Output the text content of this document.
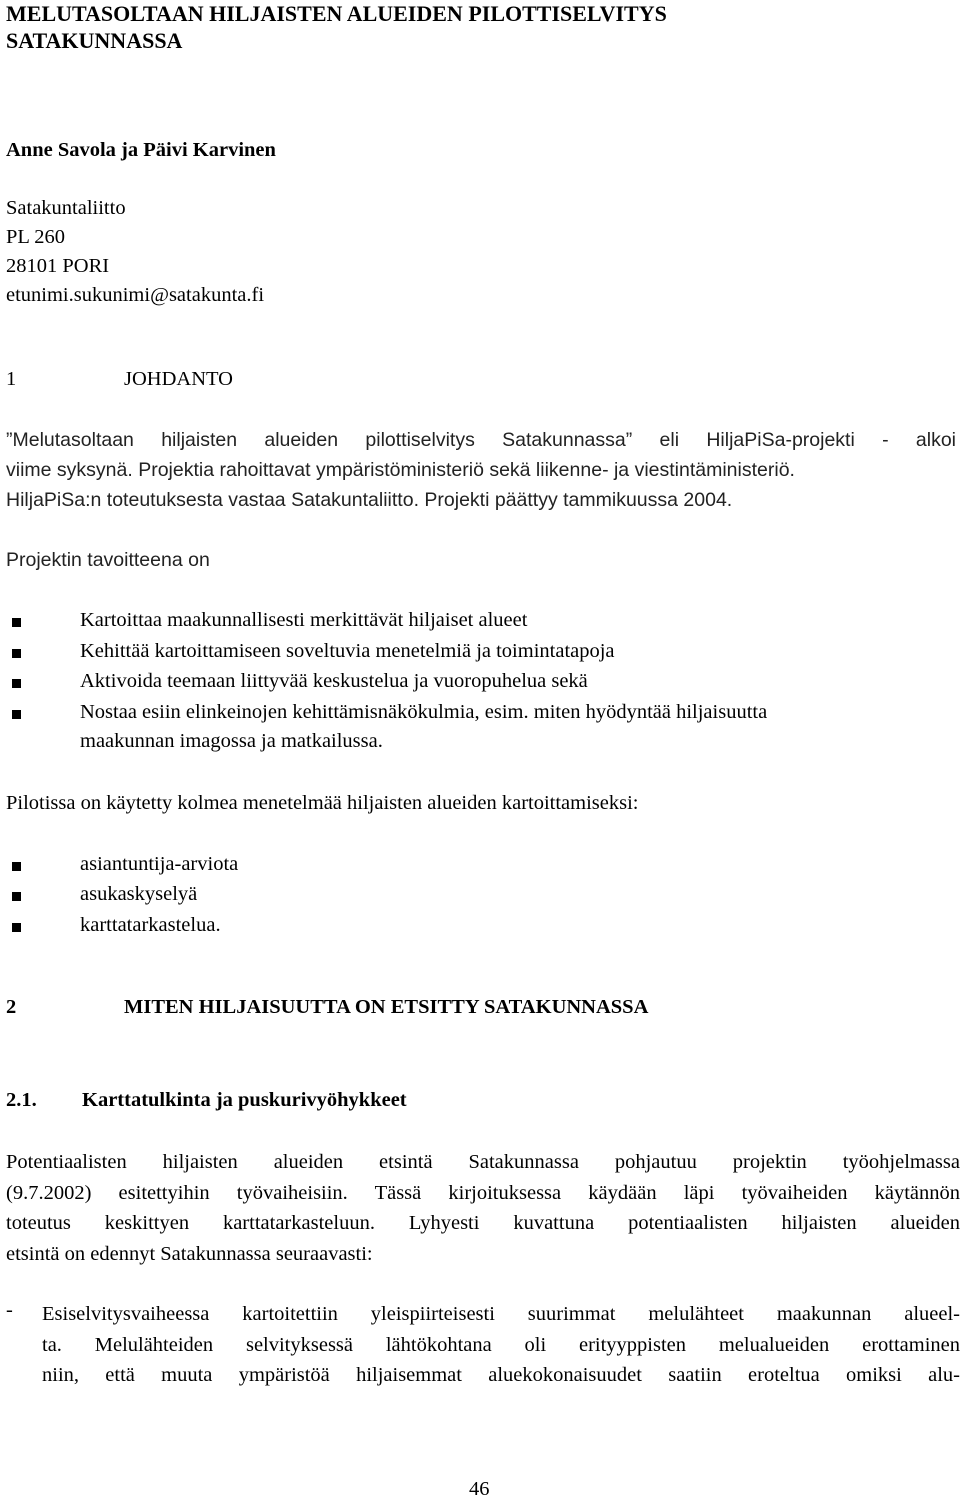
MELUTASOLTAAN HILJAISTEN ALUEIDEN PILOTTISELVITYS
SATAKUNNASSA
Anne Savola ja Päivi Karvinen
Satakuntaliitto
PL 260
28101 PORI
etunimi.sukunimi@satakunta.fi
1	JOHDANTO
”Melutasoltaan hiljaisten alueiden pilottiselvitys Satakunnassa” eli HiljaPiSa-projekti - alkoi
viime syksynä. Projektia rahoittavat ympäristöministeriö sekä liikenne- ja viestintäministeriö.
HiljaPiSa:n toteutuksesta vastaa Satakuntaliitto. Projekti päättyy tammikuussa 2004.
Projektin tavoitteena on
Kartoittaa maakunnallisesti merkittävät hiljaiset alueet
Kehittää kartoittamiseen soveltuvia menetelmiä ja toimintatapoja
Aktivoida teemaan liittyvää keskustelua ja vuoropuhelua sekä
Nostaa esiin elinkeinojen kehittämisnäkökulmia, esim. miten hyödyntää hiljaisuutta
maakunnan imagossa ja matkailussa.
Pilotissa on käytetty kolmea menetelmää hiljaisten alueiden kartoittamiseksi:
asiantuntija-arviota
asukaskyselyä
karttatarkastelua.
2	MITEN HILJAISUUTTA ON ETSITTY SATAKUNNASSA
2.1. Karttatulkinta ja puskurivyöhykkeet
Potentiaalisten hiljaisten alueiden etsintä Satakunnassa pohjautuu projektin työohjelmassa
(9.7.2002) esitettyihin työvaiheisiin. Tässä kirjoituksessa käydään läpi työvaiheiden käytännön
toteutus keskittyen karttatarkasteluun. Lyhyesti kuvattuna potentiaalisten hiljaisten alueiden
etsintä on edennyt Satakunnassa seuraavasti:
- Esiselvitysvaiheessa kartoitettiin yleispiirteisesti suurimmat melulähteet maakunnan alueel-
ta. Melulähteiden selvityksessä lähtökohtana oli erityyppisten melualueiden erottaminen
niin, että muuta ympäristöä hiljaisemmat aluekokonaisuudet saatiin eroteltua omiksi alu-
46
